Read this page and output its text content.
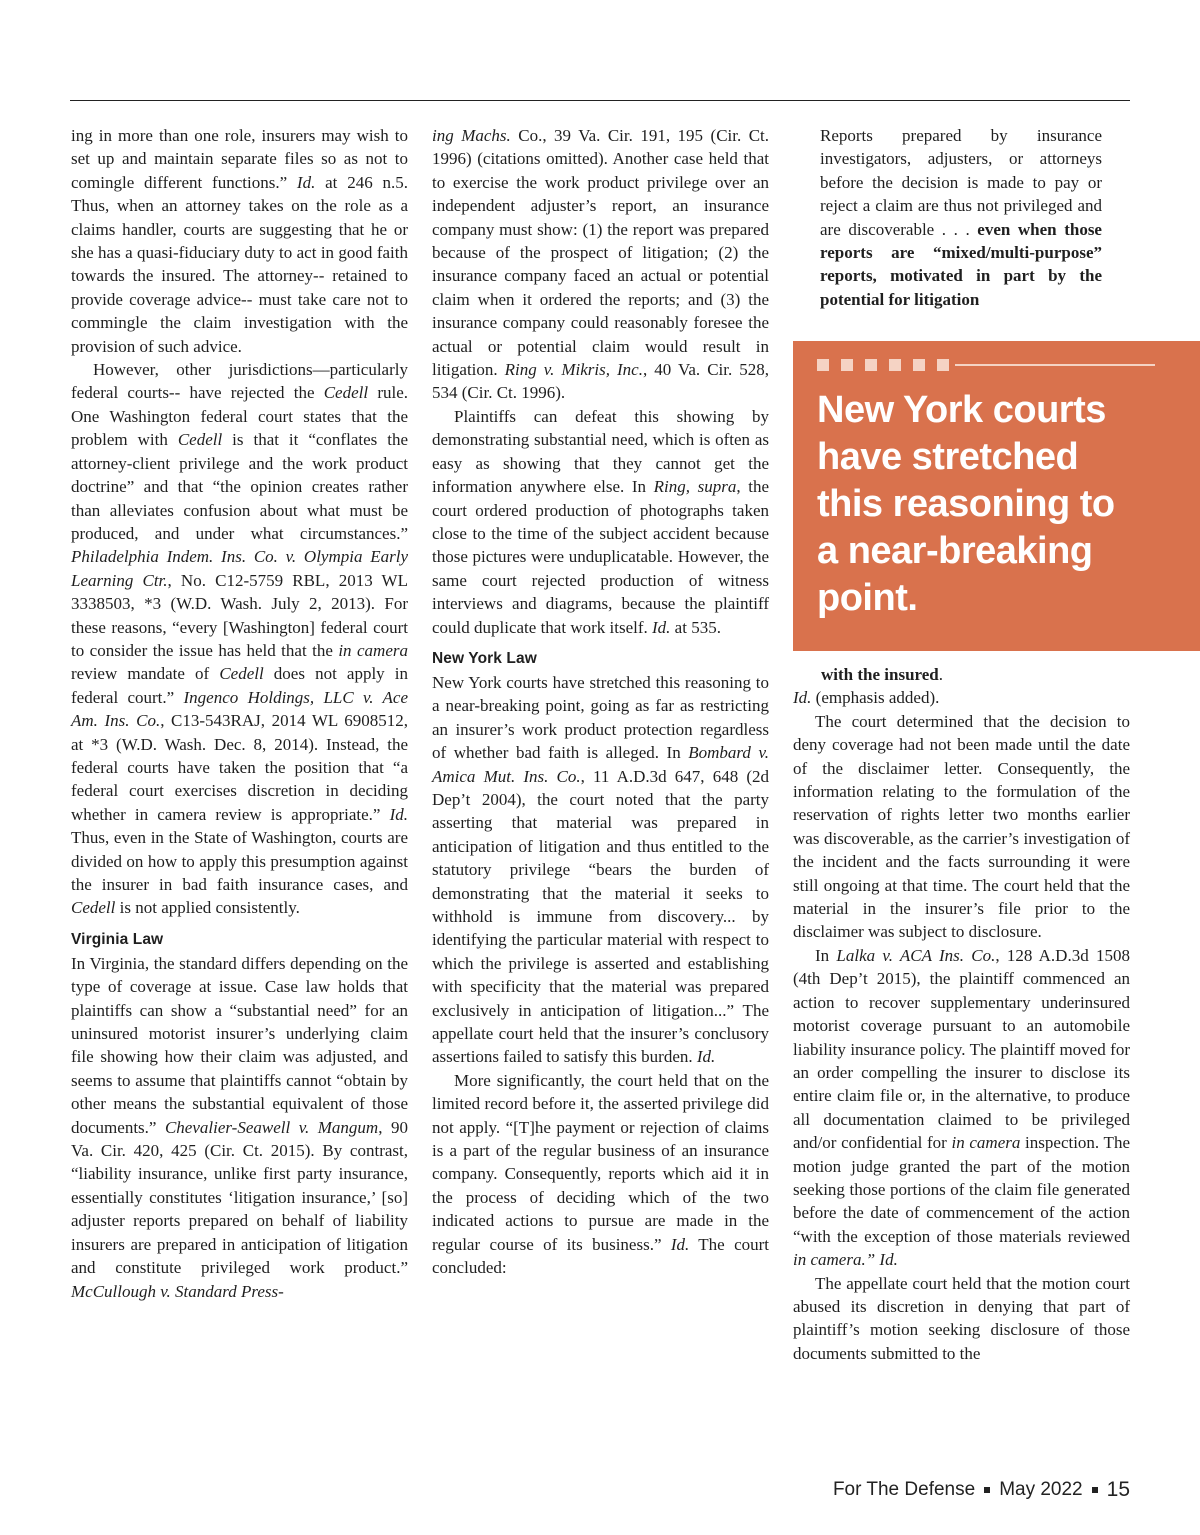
ing in more than one role, insurers may wish to set up and maintain separate files so as not to comingle different functions.” Id. at 246 n.5. Thus, when an attorney takes on the role as a claims handler, courts are suggesting that he or she has a quasi-fiduciary duty to act in good faith towards the insured. The attorney-- retained to provide coverage advice-- must take care not to commingle the claim investigation with the provision of such advice.

However, other jurisdictions—particularly federal courts-- have rejected the Cedell rule. One Washington federal court states that the problem with Cedell is that it “conflates the attorney-client privilege and the work product doctrine” and that “the opinion creates rather than alleviates confusion about what must be produced, and under what circumstances.” Philadelphia Indem. Ins. Co. v. Olympia Early Learning Ctr., No. C12-5759 RBL, 2013 WL 3338503, *3 (W.D. Wash. July 2, 2013). For these reasons, “every [Washington] federal court to consider the issue has held that the in camera review mandate of Cedell does not apply in federal court.” Ingenco Holdings, LLC v. Ace Am. Ins. Co., C13-543RAJ, 2014 WL 6908512, at *3 (W.D. Wash. Dec. 8, 2014). Instead, the federal courts have taken the position that “a federal court exercises discretion in deciding whether in camera review is appropriate.” Id. Thus, even in the State of Washington, courts are divided on how to apply this presumption against the insurer in bad faith insurance cases, and Cedell is not applied consistently.

Virginia Law

In Virginia, the standard differs depending on the type of coverage at issue. Case law holds that plaintiffs can show a “substantial need” for an uninsured motorist insurer’s underlying claim file showing how their claim was adjusted, and seems to assume that plaintiffs cannot “obtain by other means the substantial equivalent of those documents.” Chevalier-Seawell v. Mangum, 90 Va. Cir. 420, 425 (Cir. Ct. 2015). By contrast, “liability insurance, unlike first party insurance, essentially constitutes ‘litigation insurance,’ [so] adjuster reports prepared on behalf of liability insurers are prepared in anticipation of litigation and constitute privileged work product.” McCullough v. Standard Press-

ing Machs. Co., 39 Va. Cir. 191, 195 (Cir. Ct. 1996) (citations omitted). Another case held that to exercise the work product privilege over an independent adjuster’s report, an insurance company must show: (1) the report was prepared because of the prospect of litigation; (2) the insurance company faced an actual or potential claim when it ordered the reports; and (3) the insurance company could reasonably foresee the actual or potential claim would result in litigation. Ring v. Mikris, Inc., 40 Va. Cir. 528, 534 (Cir. Ct. 1996).

Plaintiffs can defeat this showing by demonstrating substantial need, which is often as easy as showing that they cannot get the information anywhere else. In Ring, supra, the court ordered production of photographs taken close to the time of the subject accident because those pictures were unduplicatable. However, the same court rejected production of witness interviews and diagrams, because the plaintiff could duplicate that work itself. Id. at 535.

New York Law

New York courts have stretched this reasoning to a near-breaking point, going as far as restricting an insurer’s work product protection regardless of whether bad faith is alleged. In Bombard v. Amica Mut. Ins. Co., 11 A.D.3d 647, 648 (2d Dep’t 2004), the court noted that the party asserting that material was prepared in anticipation of litigation and thus entitled to the statutory privilege “bears the burden of demonstrating that the material it seeks to withhold is immune from discovery... by identifying the particular material with respect to which the privilege is asserted and establishing with specificity that the material was prepared exclusively in anticipation of litigation...” The appellate court held that the insurer’s conclusory assertions failed to satisfy this burden. Id.

More significantly, the court held that on the limited record before it, the asserted privilege did not apply. “[T]he payment or rejection of claims is a part of the regular business of an insurance company. Consequently, reports which aid it in the process of deciding which of the two indicated actions to pursue are made in the regular course of its business.” Id. The court concluded:

Reports prepared by insurance investigators, adjusters, or attorneys before the decision is made to pay or reject a claim are thus not privileged and are discoverable . . . even when those reports are “mixed/multi-purpose” reports, motivated in part by the potential for litigation

New York courts have stretched this reasoning to a near-breaking point.

with the insured.

Id. (emphasis added).

The court determined that the decision to deny coverage had not been made until the date of the disclaimer letter. Consequently, the information relating to the formulation of the reservation of rights letter two months earlier was discoverable, as the carrier’s investigation of the incident and the facts surrounding it were still ongoing at that time. The court held that the material in the insurer’s file prior to the disclaimer was subject to disclosure.

In Lalka v. ACA Ins. Co., 128 A.D.3d 1508 (4th Dep’t 2015), the plaintiff commenced an action to recover supplementary underinsured motorist coverage pursuant to an automobile liability insurance policy. The plaintiff moved for an order compelling the insurer to disclose its entire claim file or, in the alternative, to produce all documentation claimed to be privileged and/or confidential for in camera inspection. The motion judge granted the part of the motion seeking those portions of the claim file generated before the date of commencement of the action “with the exception of those materials reviewed in camera.” Id.

The appellate court held that the motion court abused its discretion in denying that part of plaintiff’s motion seeking disclosure of those documents submitted to the

For The Defense May 2022 15
